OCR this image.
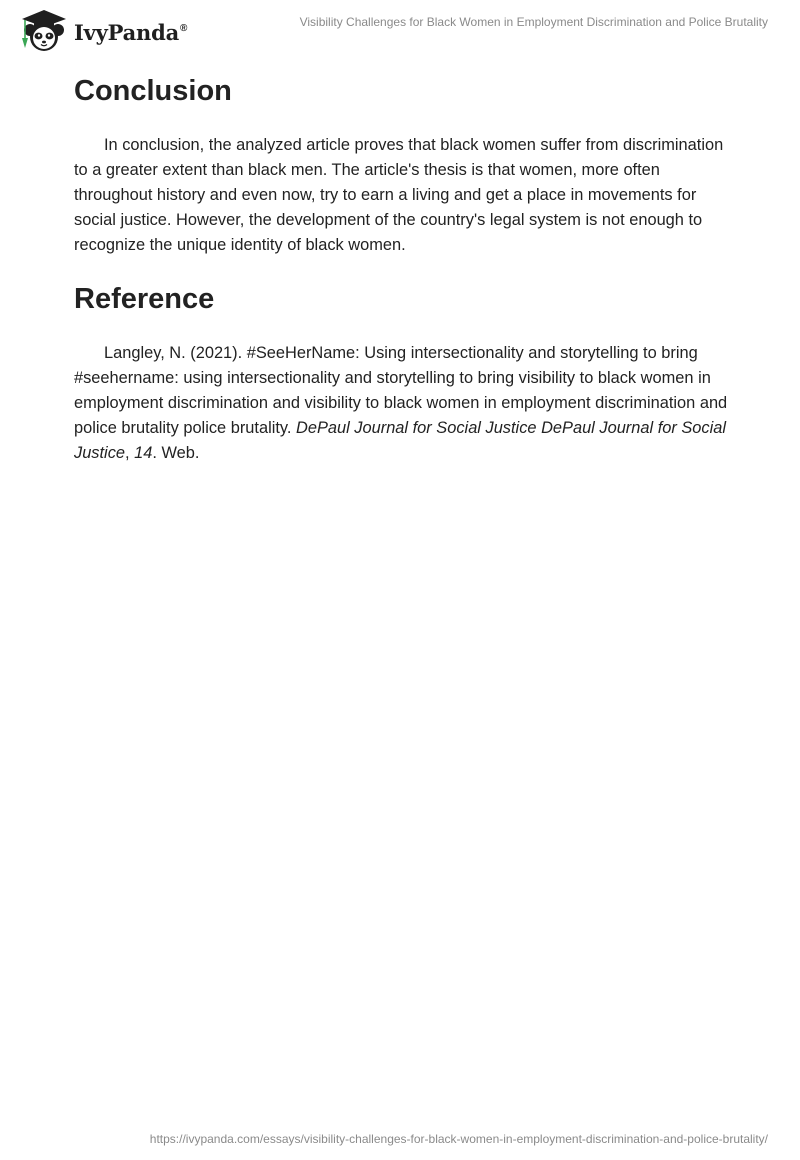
IvyPanda®	Visibility Challenges for Black Women in Employment Discrimination and Police Brutality
Conclusion

In conclusion, the analyzed article proves that black women suffer from discrimination to a greater extent than black men. The article's thesis is that women, more often throughout history and even now, try to earn a living and get a place in movements for social justice. However, the development of the country's legal system is not enough to recognize the unique identity of black women.

Reference

Langley, N. (2021). #SeeHerName: Using intersectionality and storytelling to bring #seehername: using intersectionality and storytelling to bring visibility to black women in employment discrimination and visibility to black women in employment discrimination and police brutality police brutality. DePaul Journal for Social Justice DePaul Journal for Social Justice, 14. Web.

https://ivypanda.com/essays/visibility-challenges-for-black-women-in-employment-discrimination-and-police-brutality/
